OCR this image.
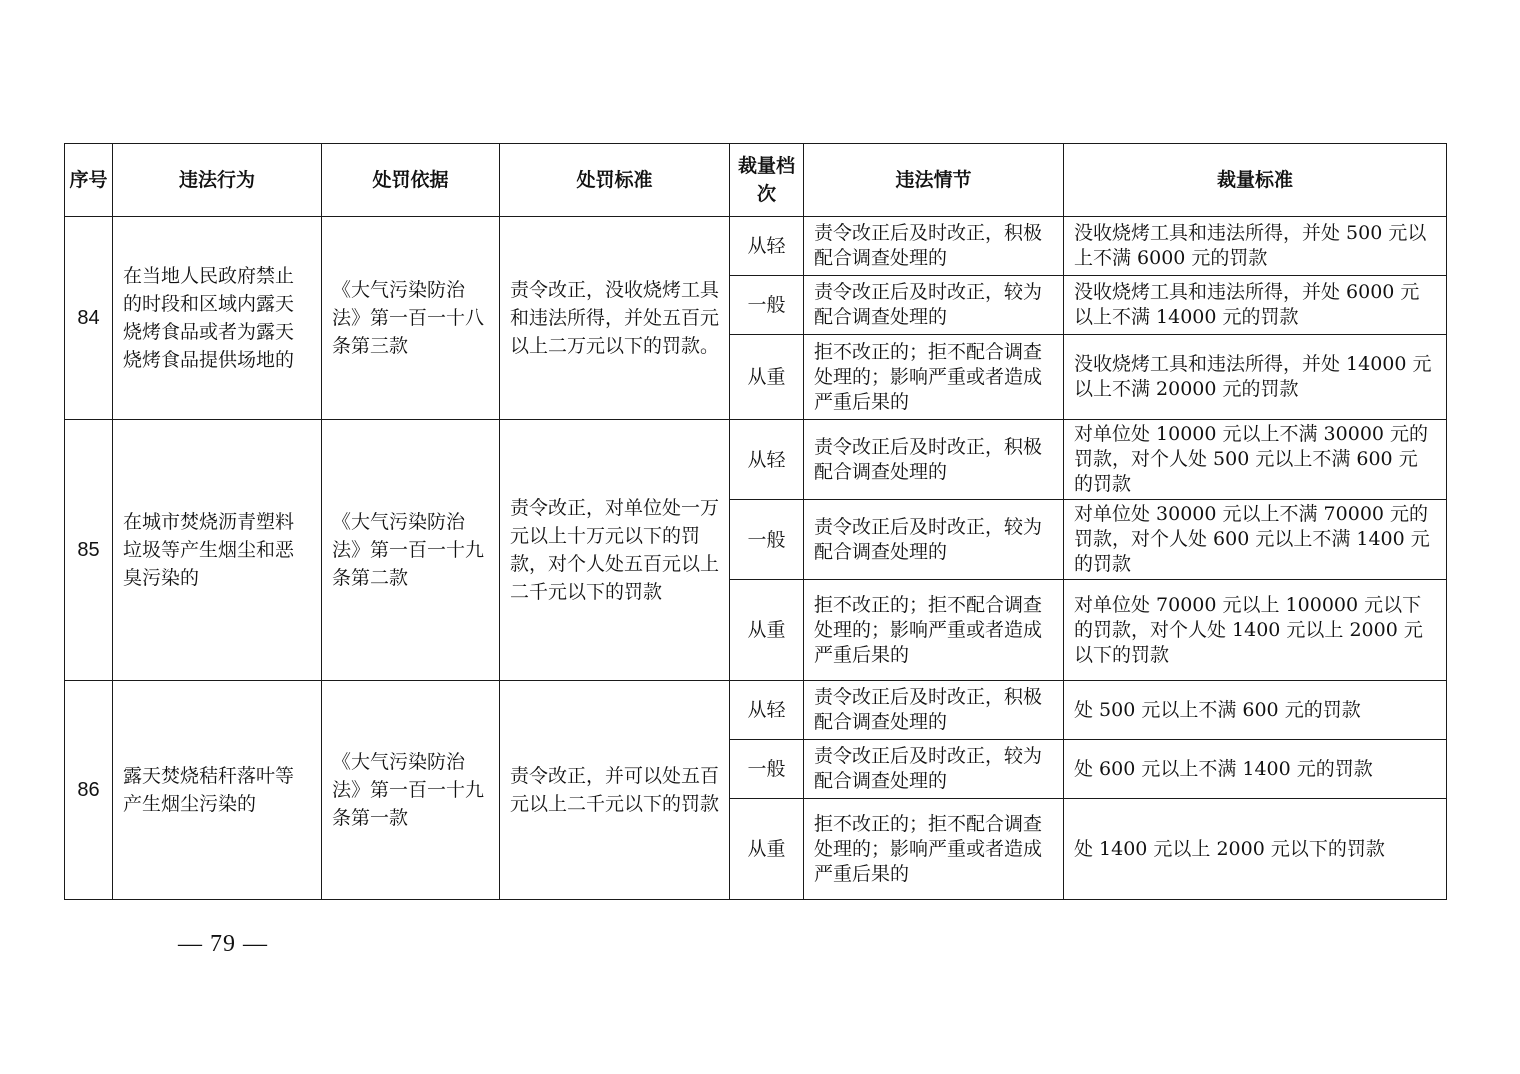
序号	违法行为	处罚依据	处罚标准	裁量档次	违法情节	裁量标准
84	在当地人民政府禁止的时段和区域内露天烧烤食品或者为露天烧烤食品提供场地的	《大气污染防治法》第一百一十八条第三款	责令改正，没收烧烤工具和违法所得，并处五百元以上二万元以下的罚款。	从轻	责令改正后及时改正，积极配合调查处理的	没收烧烤工具和违法所得，并处 500 元以上不满 6000 元的罚款
				一般	责令改正后及时改正，较为配合调查处理的	没收烧烤工具和违法所得，并处 6000 元以上不满 14000 元的罚款
				从重	拒不改正的；拒不配合调查处理的；影响严重或者造成严重后果的	没收烧烤工具和违法所得，并处 14000 元以上不满 20000 元的罚款
85	在城市焚烧沥青塑料垃圾等产生烟尘和恶臭污染的	《大气污染防治法》第一百一十九条第二款	责令改正，对单位处一万元以上十万元以下的罚款，对个人处五百元以上二千元以下的罚款	从轻	责令改正后及时改正，积极配合调查处理的	对单位处 10000 元以上不满 30000 元的罚款，对个人处 500 元以上不满 600 元的罚款
				一般	责令改正后及时改正，较为配合调查处理的	对单位处 30000 元以上不满 70000 元的罚款，对个人处 600 元以上不满 1400 元的罚款
				从重	拒不改正的；拒不配合调查处理的；影响严重或者造成严重后果的	对单位处 70000 元以上 100000 元以下的罚款，对个人处 1400 元以上 2000 元以下的罚款
86	露天焚烧秸秆落叶等产生烟尘污染的	《大气污染防治法》第一百一十九条第一款	责令改正，并可以处五百元以上二千元以下的罚款	从轻	责令改正后及时改正，积极配合调查处理的	处 500 元以上不满 600 元的罚款
				一般	责令改正后及时改正，较为配合调查处理的	处 600 元以上不满 1400 元的罚款
				从重	拒不改正的；拒不配合调查处理的；影响严重或者造成严重后果的	处 1400 元以上 2000 元以下的罚款
— 79 —
